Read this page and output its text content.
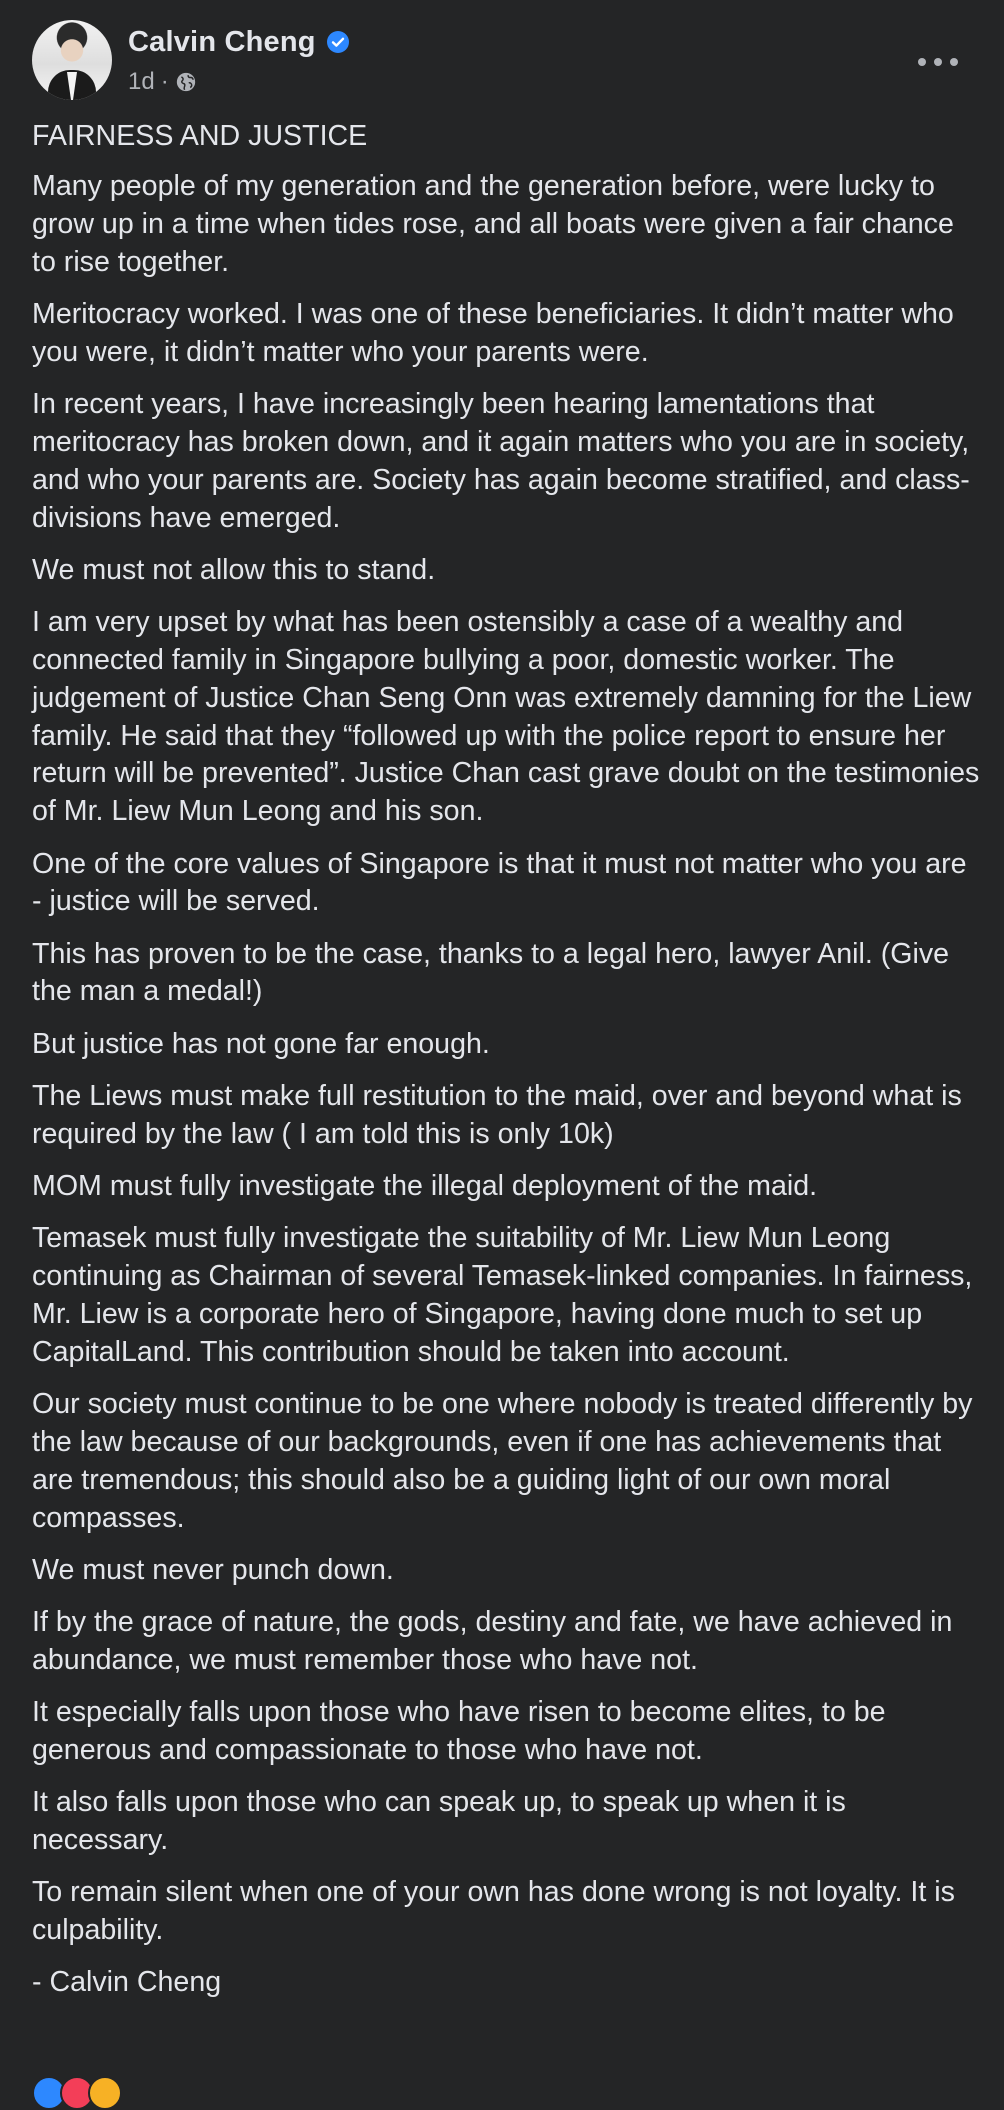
Calvin Cheng
1d ·

FAIRNESS AND JUSTICE

Many people of my generation and the generation before, were lucky to grow up in a time when tides rose, and all boats were given a fair chance to rise together.

Meritocracy worked. I was one of these beneficiaries. It didn’t matter who you were, it didn’t matter who your parents were.

In recent years, I have increasingly been hearing lamentations that meritocracy has broken down, and it again matters who you are in society, and who your parents are. Society has again become stratified, and class-divisions have emerged.

We must not allow this to stand.

I am very upset by what has been ostensibly a case of a wealthy and connected family in Singapore bullying a poor, domestic worker. The judgement of Justice Chan Seng Onn was extremely damning for the Liew family. He said that they “followed up with the police report to ensure her return will be prevented”. Justice Chan cast grave doubt on the testimonies of Mr. Liew Mun Leong and his son.

One of the core values of Singapore is that it must not matter who you are - justice will be served.

This has proven to be the case, thanks to a legal hero, lawyer Anil. (Give the man a medal!)

But justice has not gone far enough.

The Liews must make full restitution to the maid, over and beyond what is required by the law ( I am told this is only 10k)

MOM must fully investigate the illegal deployment of the maid.

Temasek must fully investigate the suitability of Mr. Liew Mun Leong continuing as Chairman of several Temasek-linked companies. In fairness, Mr. Liew is a corporate hero of Singapore, having done much to set up CapitalLand. This contribution should be taken into account.

Our society must continue to be one where nobody is treated differently by the law because of our backgrounds, even if one has achievements that are tremendous; this should also be a guiding light of our own moral compasses.

We must never punch down.

If by the grace of nature, the gods, destiny and fate, we have achieved in abundance, we must remember those who have not.

It especially falls upon those who have risen to become elites, to be generous and compassionate to those who have not.

It also falls upon those who can speak up, to speak up when it is necessary.

To remain silent when one of your own has done wrong is not loyalty. It is culpability.

- Calvin Cheng
